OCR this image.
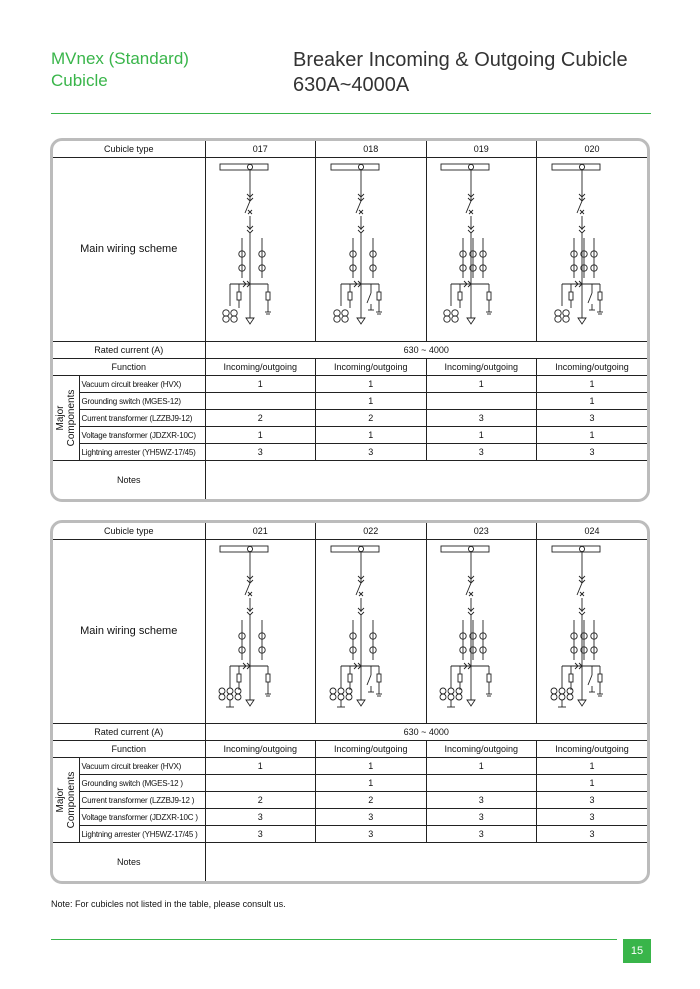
MVnex (Standard)
Cubicle
Breaker Incoming & Outgoing Cubicle
630A~4000A
Cubicle type		017	018	019	020
Main wiring scheme	

Rated current (A)		630 ~ 4000			
Function		Incoming/outgoing	Incoming/outgoing	Incoming/outgoing	Incoming/outgoing

Major Components	Vacuum circuit breaker (HVX)	1	1	1	1
	Grounding switch (MGES-12)		1		1
	Current transformer (LZZBJ9-12)	2	2	3	3
	Voltage transformer (JDZXR-10C)	1	1	1	1
	Lightning arrester (YH5WZ-17/45)	3	3	3	3
Notes					
Cubicle type		021	022	023	024
Main wiring scheme	

Rated current (A)		630 ~ 4000			
Function		Incoming/outgoing	Incoming/outgoing	Incoming/outgoing	Incoming/outgoing

Major Components	Vacuum circuit breaker (HVX)	1	1	1	1
	Grounding switch (MGES-12 )		1		1
	Current transformer (LZZBJ9-12 )	2	2	3	3
	Voltage transformer (JDZXR-10C )	3	3	3	3
	Lightning arrester (YH5WZ-17/45 )	3	3	3	3
Notes					
Note: For cubicles not listed in the table, please consult us.
15
